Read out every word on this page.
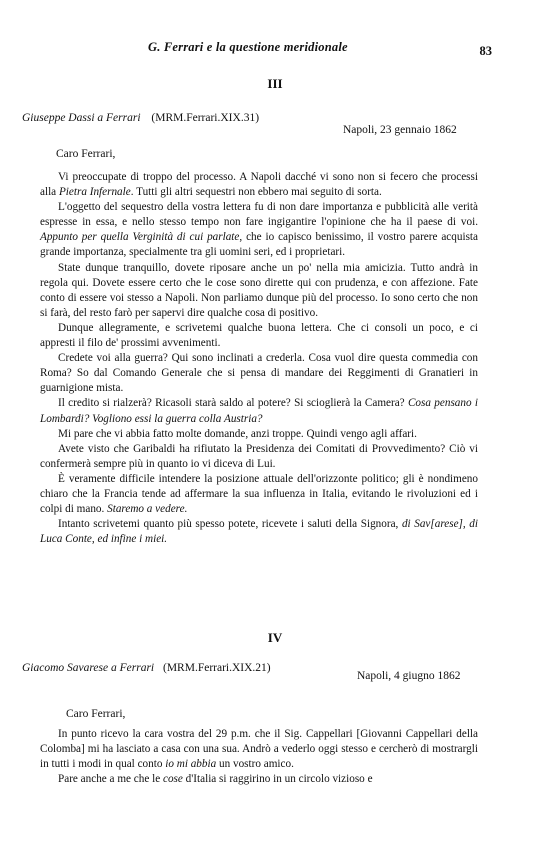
G. Ferrari e la questione meridionale	83
III
Giuseppe Dassi a Ferrari (MRM.Ferrari.XIX.31)
Napoli, 23 gennaio 1862
Caro Ferrari,

Vi preoccupate di troppo del processo. A Napoli dacché vi sono non si fecero che processi alla Pietra Infernale. Tutti gli altri sequestri non ebbero mai seguito di sorta.

L'oggetto del sequestro della vostra lettera fu di non dare importanza e pubblicità alle verità espresse in essa, e nello stesso tempo non fare ingigantire l'opinione che ha il paese di voi. Appunto per quella Verginità di cui parlate, che io capisco benissimo, il vostro parere acquista grande importanza, specialmente tra gli uomini seri, ed i proprietari.

State dunque tranquillo, dovete riposare anche un po' nella mia amicizia. Tutto andrà in regola qui. Dovete essere certo che le cose sono dirette qui con prudenza, e con affezione. Fate conto di essere voi stesso a Napoli. Non parliamo dunque più del processo. Io sono certo che non si farà, del resto farò per sapervi dire qualche cosa di positivo.

Dunque allegramente, e scrivetemi qualche buona lettera. Che ci consoli un poco, e ci appresti il filo de' prossimi avvenimenti.

Credete voi alla guerra? Qui sono inclinati a crederla. Cosa vuol dire questa commedia con Roma? So dal Comando Generale che si pensa di mandare dei Reggimenti di Granatieri in guarnigione mista.

Il credito si rialzerà? Ricasoli starà saldo al potere? Si scioglierà la Camera? Cosa pensano i Lombardi? Vogliono essi la guerra colla Austria?

Mi pare che vi abbia fatto molte domande, anzi troppe. Quindi vengo agli affari.

Avete visto che Garibaldi ha rifiutato la Presidenza dei Comitati di Provvedimento? Ciò vi confermerà sempre più in quanto io vi diceva di Lui.

È veramente difficile intendere la posizione attuale dell'orizzonte politico; gli è nondimeno chiaro che la Francia tende ad affermare la sua influenza in Italia, evitando le rivoluzioni ed i colpi di mano. Staremo a vedere.

Intanto scrivetemi quanto più spesso potete, ricevete i saluti della Signora, di Sav[arese], di Luca Conte, ed infine i miei.

IV
Giacomo Savarese a Ferrari (MRM.Ferrari.XIX.21)
Napoli, 4 giugno 1862
Caro Ferrari,

In punto ricevo la cara vostra del 29 p.m. che il Sig. Cappellari [Giovanni Cappellari della Colomba] mi ha lasciato a casa con una sua. Andrò a vederlo oggi stesso e cercherò di mostrargli in tutti i modi in qual conto io mi abbia un vostro amico.

Pare anche a me che le cose d'Italia si raggirino in un circolo vizioso e
